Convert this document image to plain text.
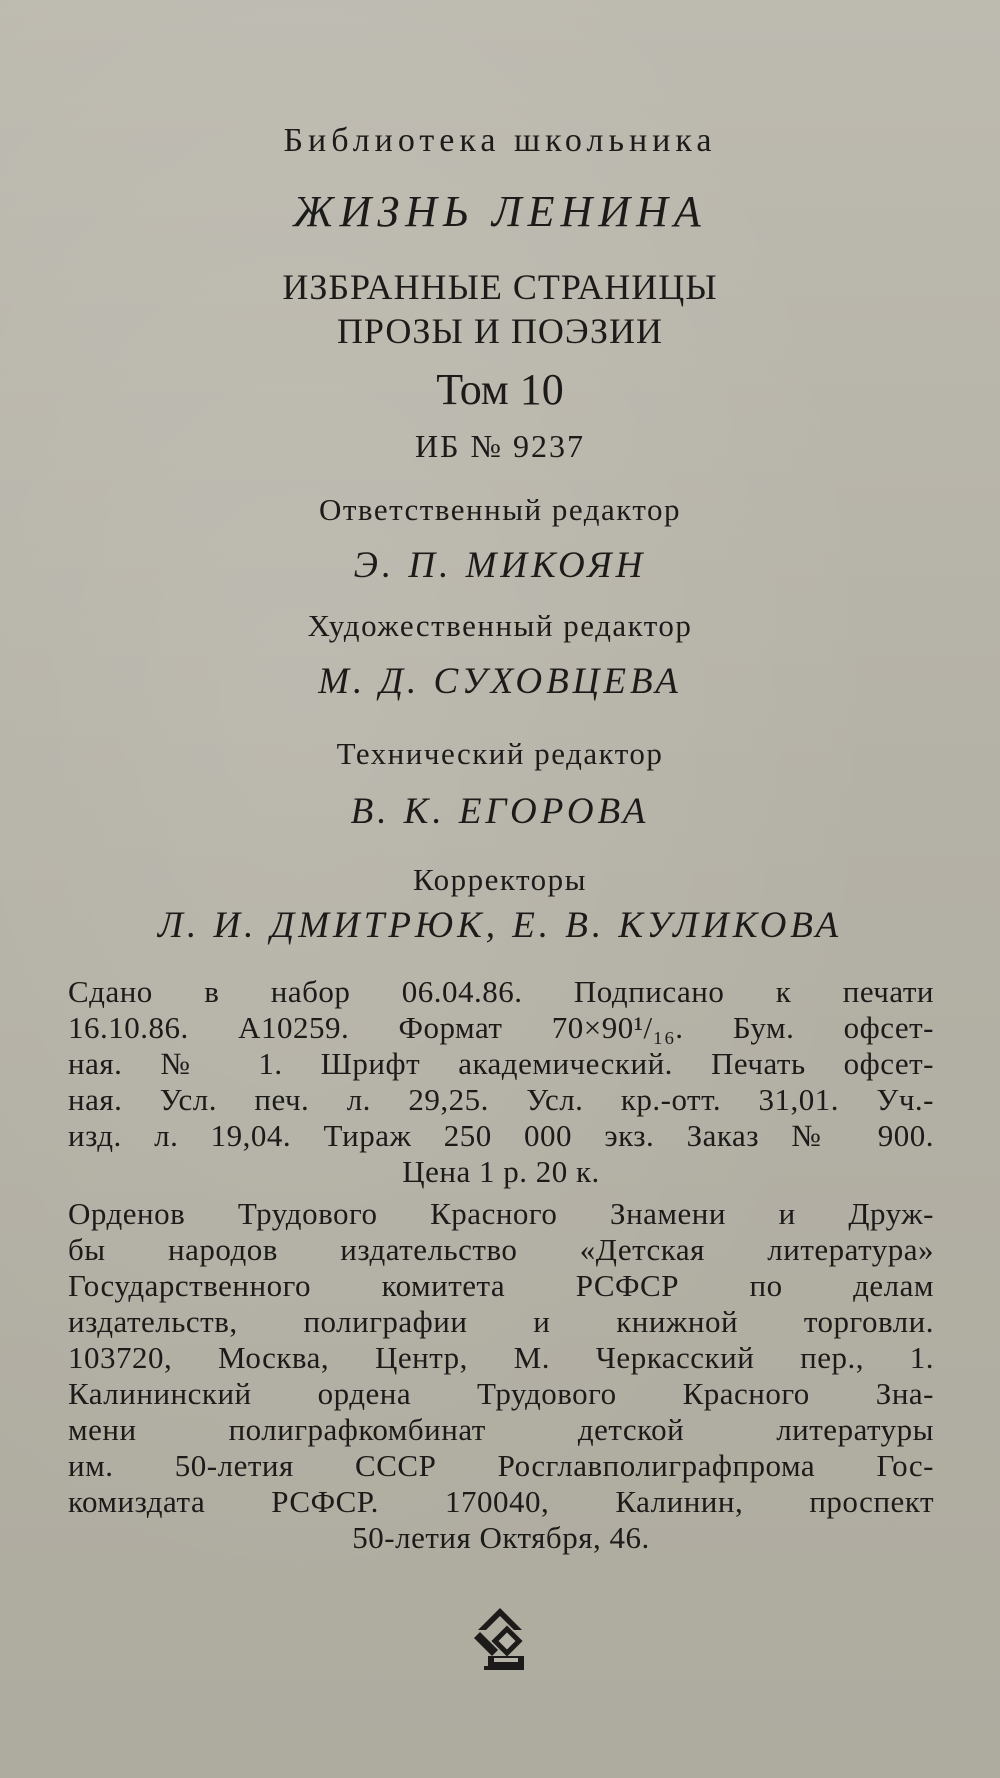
Библиотека школьника
ЖИЗНЬ ЛЕНИНА
ИЗБРАННЫЕ СТРАНИЦЫ
ПРОЗЫ И ПОЭЗИИ
Том 10
ИБ № 9237
Ответственный редактор
Э. П. МИКОЯН
Художественный редактор
М. Д. СУХОВЦЕВА
Технический редактор
В. К. ЕГОРОВА
Корректоры
Л. И. ДМИТРЮК, Е. В. КУЛИКОВА
Сдано в набор 06.04.86. Подписано к печати
16.10.86. А10259. Формат 70×90¹/₁₆. Бум. офсет-
ная. № 1. Шрифт академический. Печать офсет-
ная. Усл. печ. л. 29,25. Усл. кр.-отт. 31,01. Уч.-
изд. л. 19,04. Тираж 250 000 экз. Заказ № 900.
Цена 1 р. 20 к.
Орденов Трудового Красного Знамени и Друж-
бы народов издательство «Детская литература»
Государственного комитета РСФСР по делам
издательств, полиграфии и книжной торговли.
103720, Москва, Центр, М. Черкасский пер., 1.
Калининский ордена Трудового Красного Зна-
мени полиграфкомбинат детской литературы
им. 50-летия СССР Росглавполиграфпрома Гос-
комиздата РСФСР. 170040, Калинин, проспект
50-летия Октября, 46.
